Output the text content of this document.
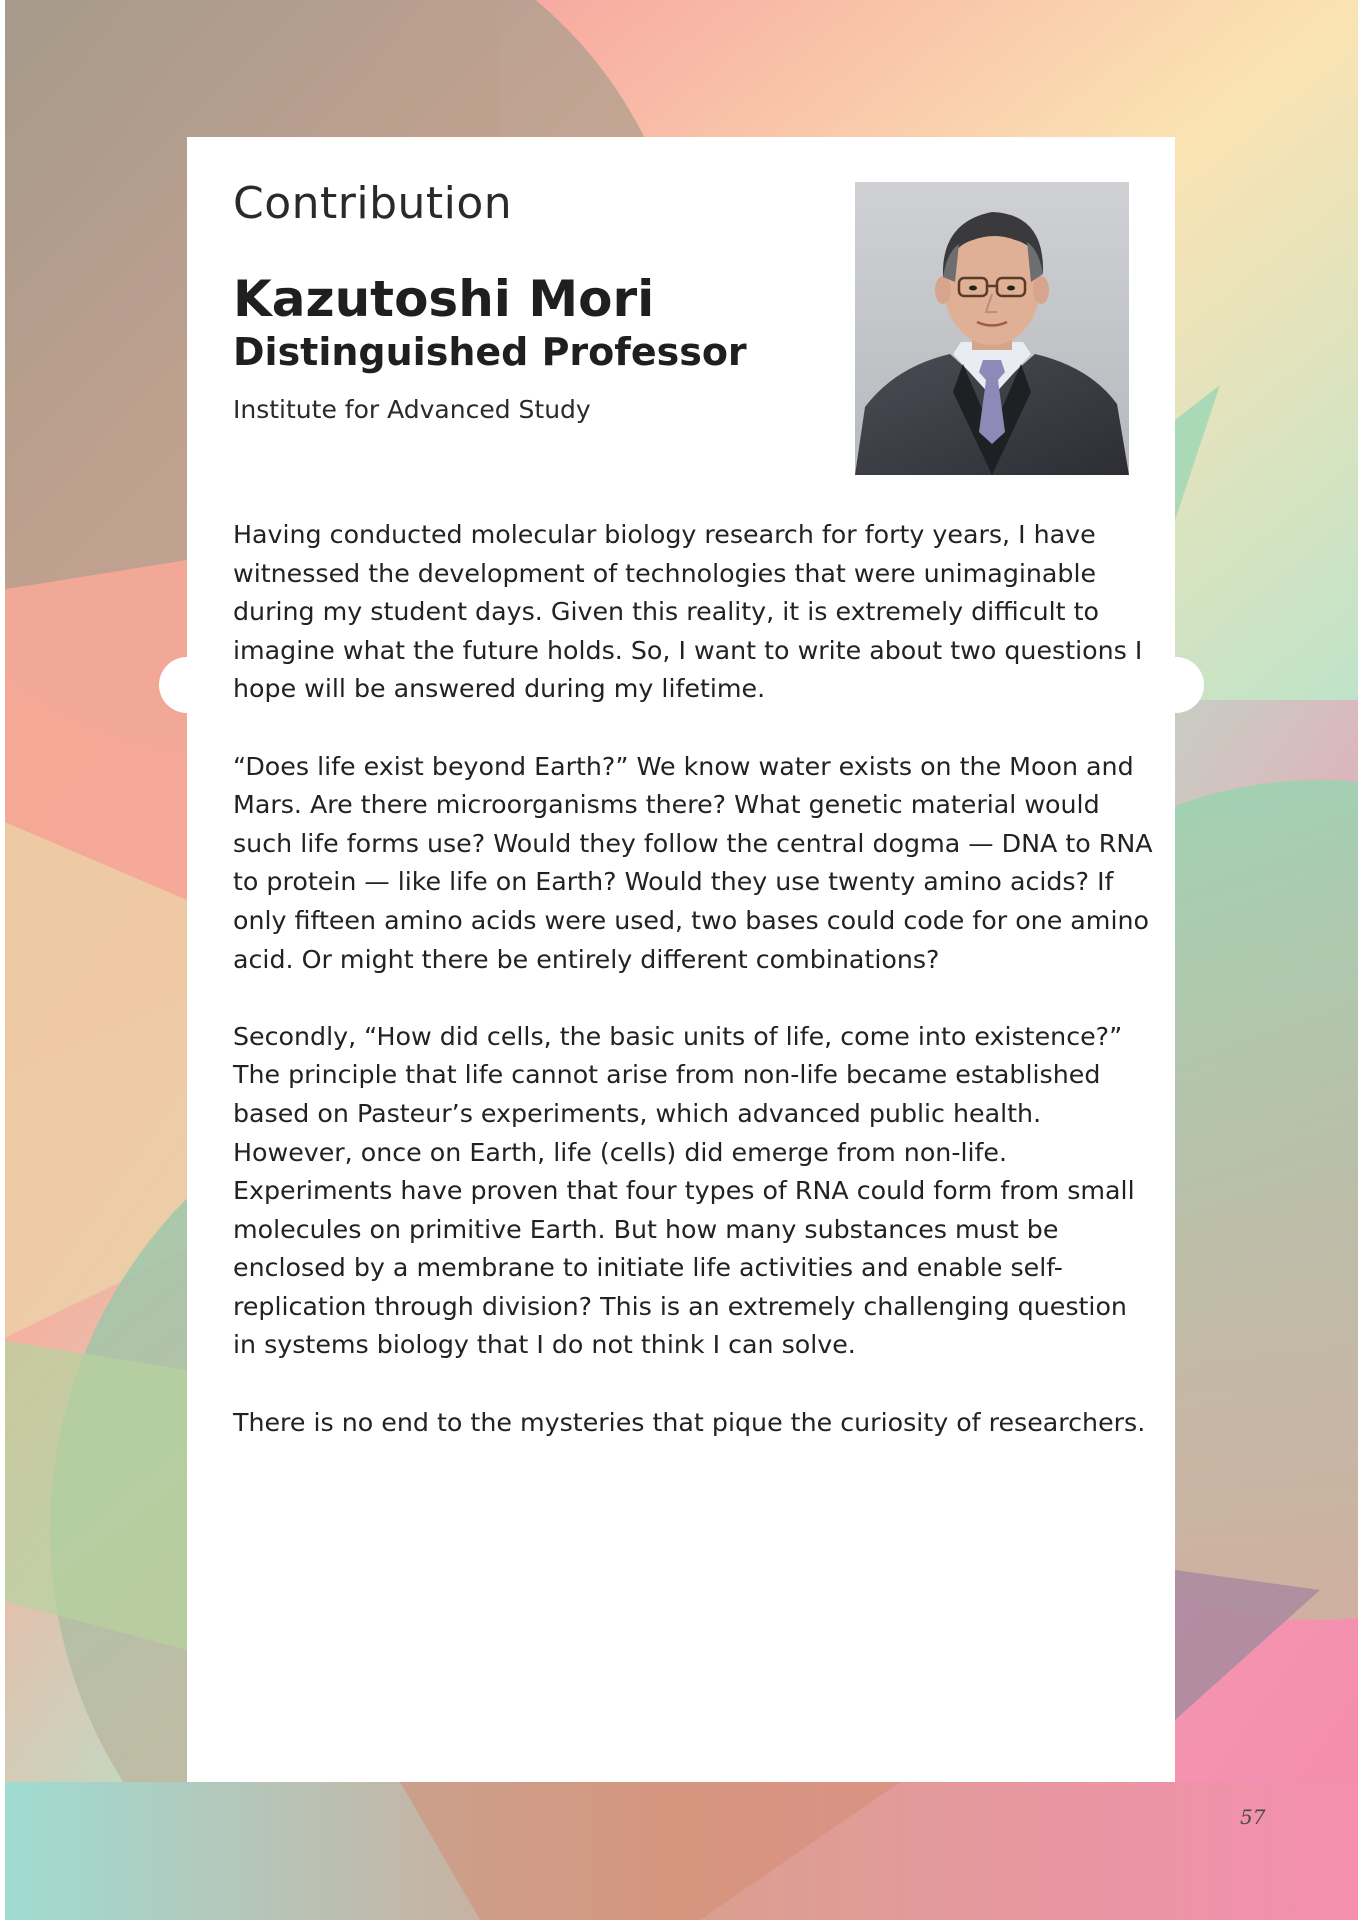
Contribution
Kazutoshi Mori
Distinguished Professor
Institute for Advanced Study

Having conducted molecular biology research for forty years, I have witnessed the development of technologies that were unimaginable during my student days. Given this reality, it is extremely difficult to imagine what the future holds. So, I want to write about two questions I hope will be answered during my lifetime.

“Does life exist beyond Earth?” We know water exists on the Moon and Mars. Are there microorganisms there? What genetic material would such life forms use? Would they follow the central dogma — DNA to RNA to protein — like life on Earth? Would they use twenty amino acids? If only fifteen amino acids were used, two bases could code for one amino acid. Or might there be entirely different combinations?

Secondly, “How did cells, the basic units of life, come into existence?” The principle that life cannot arise from non-life became established based on Pasteur’s experiments, which advanced public health. However, once on Earth, life (cells) did emerge from non-life. Experiments have proven that four types of RNA could form from small molecules on primitive Earth. But how many substances must be enclosed by a membrane to initiate life activities and enable self-replication through division? This is an extremely challenging question in systems biology that I do not think I can solve.

There is no end to the mysteries that pique the curiosity of researchers.

57
